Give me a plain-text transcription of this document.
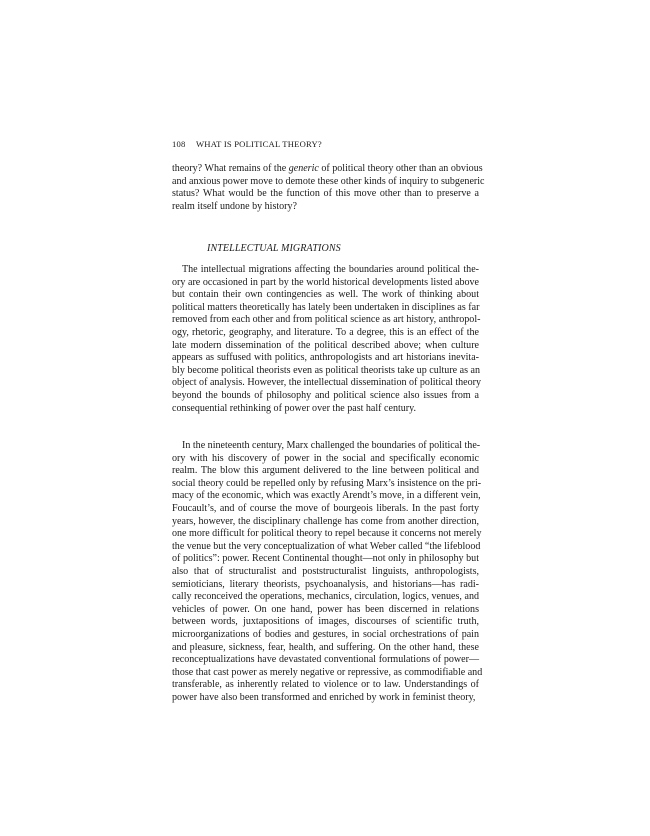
108 WHAT IS POLITICAL THEORY?
theory? What remains of the generic of political theory other than an obvious
and anxious power move to demote these other kinds of inquiry to subgeneric
status? What would be the function of this move other than to preserve a
realm itself undone by history?
INTELLECTUAL MIGRATIONS
The intellectual migrations affecting the boundaries around political the-
ory are occasioned in part by the world historical developments listed above
but contain their own contingencies as well. The work of thinking about
political matters theoretically has lately been undertaken in disciplines as far
removed from each other and from political science as art history, anthropol-
ogy, rhetoric, geography, and literature. To a degree, this is an effect of the
late modern dissemination of the political described above; when culture
appears as suffused with politics, anthropologists and art historians inevita-
bly become political theorists even as political theorists take up culture as an
object of analysis. However, the intellectual dissemination of political theory
beyond the bounds of philosophy and political science also issues from a
consequential rethinking of power over the past half century.
In the nineteenth century, Marx challenged the boundaries of political the-
ory with his discovery of power in the social and specifically economic
realm. The blow this argument delivered to the line between political and
social theory could be repelled only by refusing Marx’s insistence on the pri-
macy of the economic, which was exactly Arendt’s move, in a different vein,
Foucault’s, and of course the move of bourgeois liberals. In the past forty
years, however, the disciplinary challenge has come from another direction,
one more difficult for political theory to repel because it concerns not merely
the venue but the very conceptualization of what Weber called “the lifeblood
of politics”: power. Recent Continental thought—not only in philosophy but
also that of structuralist and poststructuralist linguists, anthropologists,
semioticians, literary theorists, psychoanalysis, and historians—has radi-
cally reconceived the operations, mechanics, circulation, logics, venues, and
vehicles of power. On one hand, power has been discerned in relations
between words, juxtapositions of images, discourses of scientific truth,
microorganizations of bodies and gestures, in social orchestrations of pain
and pleasure, sickness, fear, health, and suffering. On the other hand, these
reconceptualizations have devastated conventional formulations of power—
those that cast power as merely negative or repressive, as commodifiable and
transferable, as inherently related to violence or to law. Understandings of
power have also been transformed and enriched by work in feminist theory,
